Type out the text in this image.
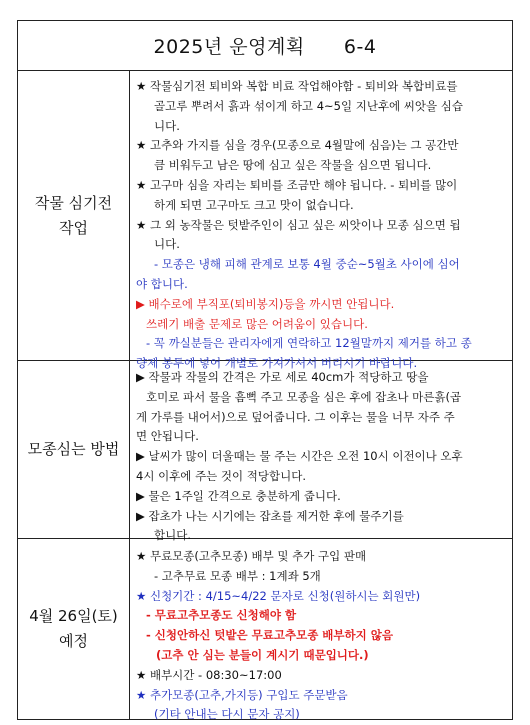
2025년 운영계획      6-4
작물 심기전
작업
★ 작물심기전 퇴비와 복합 비료 작업해야함 - 퇴비와 복합비료를
골고루 뿌려서 흙과 섞이게 하고 4~5일 지난후에 씨앗을 심습
니다.
★ 고추와 가지를 심을 경우(모종으로 4월말에 심음)는 그 공간만
큼 비워두고 남은 땅에 심고 싶은 작물을 심으면 됩니다.
★ 고구마 심을 자리는 퇴비를 조금만 해야 됩니다. - 퇴비를 많이
하게 되면 고구마도 크고 맛이 없습니다.
★ 그 외 농작물은 텃밭주인이 심고 싶은 씨앗이나 모종 심으면 됩
니다.
- 모종은 냉해 피해 관계로 보통 4월 중순~5월초 사이에 심어
야 합니다.
▶ 배수로에 부직포(퇴비봉지)등을 까시면 안됩니다.
쓰레기 배출 문제로 많은 어려움이 있습니다.
- 꼭 까실분들은 관리자에게 연락하고 12월말까지 제거를 하고 종
량제 봉투에 넣어 개별로 가져가셔서 버리시기 바랍니다.
모종심는 방법
▶ 작물과 작물의 간격은 가로 세로 40cm가 적당하고 땅을
호미로 파서 물을 흠뻑 주고 모종을 심은 후에 잡초나 마른흙(곱
게 가루를 내어서)으로 덮어줍니다. 그 이후는 물을 너무 자주 주
면 안됩니다.
▶ 날씨가 많이 더울때는 물 주는 시간은 오전 10시 이전이나 오후
4시 이후에 주는 것이 적당합니다.
▶ 물은 1주일 간격으로 충분하게 줍니다.
▶ 잡초가 나는 시기에는 잡초를 제거한 후에 물주기를
합니다.
4월 26일(토)
예정
★ 무료모종(고추모종) 배부 및 추가 구입 판매
- 고추무료 모종 배부 : 1계좌 5개
★ 신청기간 : 4/15~4/22 문자로 신청(원하시는 회원만)
- 무료고추모종도 신청해야 함
- 신청안하신 텃밭은 무료고추모종 배부하지 않음
(고추 안 심는 분들이 계시기 때문입니다.)
★ 배부시간 - 08:30~17:00
★ 추가모종(고추,가지등) 구입도 주문받음
(기타 안내는 다시 문자 공지)
